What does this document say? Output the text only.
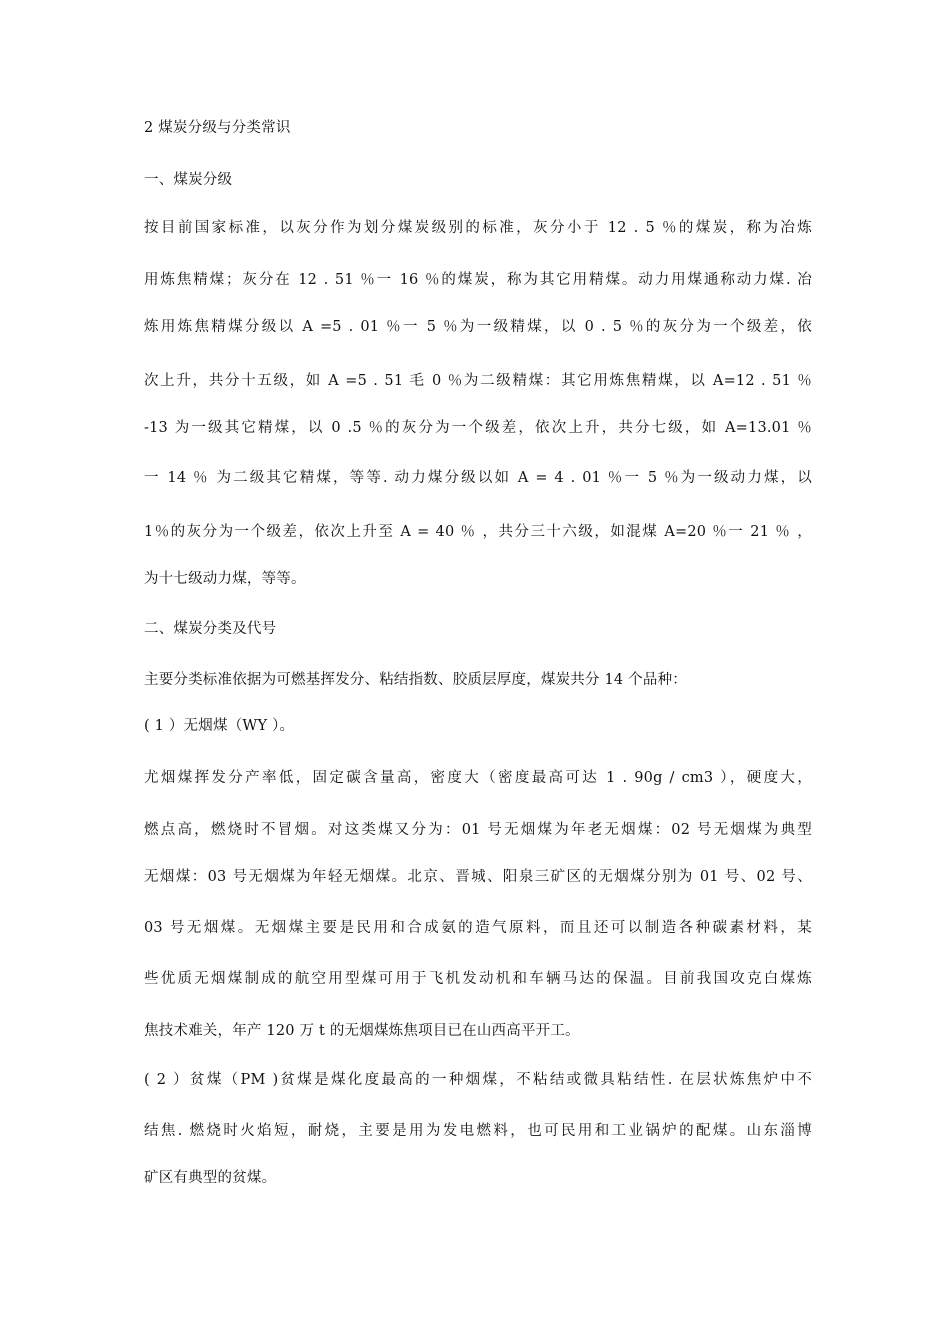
2 煤炭分级与分类常识
一、煤炭分级
按目前国家标准，以灰分作为划分煤炭级别的标准，灰分小于 12 . 5 ％的煤炭，称为冶炼
用炼焦精煤；灰分在 12 . 51 ％一 16 ％的煤炭，称为其它用精煤。动力用煤通称动力煤. 冶
炼用炼焦精煤分级以 A =5 . 01 ％一 5 ％为一级精煤，以 0 . 5 ％的灰分为一个级差，依
次上升，共分十五级，如 A =5 . 51 毛 0 ％为二级精煤：其它用炼焦精煤，以 A=12 . 51 ％
-13 为一级其它精煤，以 0 .5 ％的灰分为一个级差，依次上升，共分七级，如 A=13.01 ％
一 14 ％ 为二级其它精煤，等等. 动力煤分级以如 A = 4 . 01 ％一 5 ％为一级动力煤，以
1％的灰分为一个级差，依次上升至 A = 40 ％ ，共分三十六级，如混煤 A=20 ％一 21 ％ ，
为十七级动力煤，等等。
二、煤炭分类及代号
主要分类标准依据为可燃基挥发分、粘结指数、胶质层厚度，煤炭共分 14 个品种：
( 1 ）无烟煤（WY ）。
尤烟煤挥发分产率低，固定碳含量高，密度大（密度最高可达 1 . 90g / cm3 ），硬度大，
燃点高，燃烧时不冒烟。对这类煤又分为：01 号无烟煤为年老无烟煤：02 号无烟煤为典型
无烟煤：03 号无烟煤为年轻无烟煤。北京、晋城、阳泉三矿区的无烟煤分别为 01 号、02 号、
03 号无烟煤。无烟煤主要是民用和合成氨的造气原料，而且还可以制造各种碳素材料，某
些优质无烟煤制成的航空用型煤可用于飞机发动机和车辆马达的保温。目前我国攻克白煤炼
焦技术难关，年产 120 万 t 的无烟煤炼焦项目已在山西高平开工。
( 2 ）贫煤（PM )贫煤是煤化度最高的一种烟煤，不粘结或微具粘结性. 在层状炼焦炉中不
结焦. 燃烧时火焰短，耐烧，主要是用为发电燃料，也可民用和工业锅炉的配煤。山东淄博
矿区有典型的贫煤。
